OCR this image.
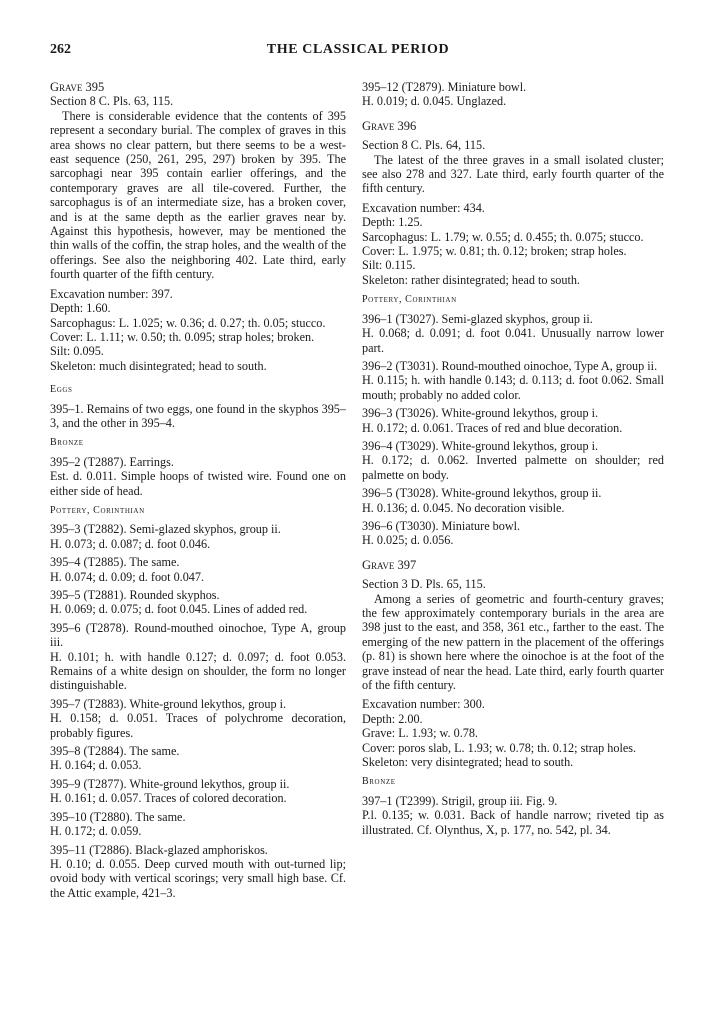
262	THE CLASSICAL PERIOD
Grave 395

Section 8 C. Pls. 63, 115.

There is considerable evidence that the contents of 395 represent a secondary burial. The complex of graves in this area shows no clear pattern, but there seems to be a west-east sequence (250, 261, 295, 297) broken by 395. The sarcophagi near 395 contain earlier offerings, and the contemporary graves are all tile-covered. Further, the sarcophagus is of an intermediate size, has a broken cover, and is at the same depth as the earlier graves near by. Against this hypothesis, however, may be mentioned the thin walls of the coffin, the strap holes, and the wealth of the offerings. See also the neighboring 402. Late third, early fourth quarter of the fifth century.

Excavation number: 397.

Depth: 1.60.

Sarcophagus: L. 1.025; w. 0.36; d. 0.27; th. 0.05; stucco.

Cover: L. 1.11; w. 0.50; th. 0.095; strap holes; broken.

Silt: 0.095.

Skeleton: much disintegrated; head to south.

Eggs

395–1. Remains of two eggs, one found in the skyphos 395–3, and the other in 395–4.

Bronze

395–2 (T2887). Earrings.

Est. d. 0.011. Simple hoops of twisted wire. Found one on either side of head.

Pottery, Corinthian

395–3 (T2882). Semi-glazed skyphos, group ii.

H. 0.073; d. 0.087; d. foot 0.046.

395–4 (T2885). The same.

H. 0.074; d. 0.09; d. foot 0.047.

395–5 (T2881). Rounded skyphos.

H. 0.069; d. 0.075; d. foot 0.045. Lines of added red.

395–6 (T2878). Round-mouthed oinochoe, Type A, group iii.

H. 0.101; h. with handle 0.127; d. 0.097; d. foot 0.053. Remains of a white design on shoulder, the form no longer distinguishable.

395–7 (T2883). White-ground lekythos, group i.

H. 0.158; d. 0.051. Traces of polychrome decoration, probably figures.

395–8 (T2884). The same.

H. 0.164; d. 0.053.

395–9 (T2877). White-ground lekythos, group ii.

H. 0.161; d. 0.057. Traces of colored decoration.

395–10 (T2880). The same.

H. 0.172; d. 0.059.

395–11 (T2886). Black-glazed amphoriskos.

H. 0.10; d. 0.055. Deep curved mouth with out-turned lip; ovoid body with vertical scorings; very small high base. Cf. the Attic example, 421–3.

395–12 (T2879). Miniature bowl.

H. 0.019; d. 0.045. Unglazed.

Grave 396

Section 8 C. Pls. 64, 115.

The latest of the three graves in a small isolated cluster; see also 278 and 327. Late third, early fourth quarter of the fifth century.

Excavation number: 434.

Depth: 1.25.

Sarcophagus: L. 1.79; w. 0.55; d. 0.455; th. 0.075; stucco.

Cover: L. 1.975; w. 0.81; th. 0.12; broken; strap holes.

Silt: 0.115.

Skeleton: rather disintegrated; head to south.

Pottery, Corinthian

396–1 (T3027). Semi-glazed skyphos, group ii.

H. 0.068; d. 0.091; d. foot 0.041. Unusually narrow lower part.

396–2 (T3031). Round-mouthed oinochoe, Type A, group ii.

H. 0.115; h. with handle 0.143; d. 0.113; d. foot 0.062. Small mouth; probably no added color.

396–3 (T3026). White-ground lekythos, group i.

H. 0.172; d. 0.061. Traces of red and blue decoration.

396–4 (T3029). White-ground lekythos, group i.

H. 0.172; d. 0.062. Inverted palmette on shoulder; red palmette on body.

396–5 (T3028). White-ground lekythos, group ii.

H. 0.136; d. 0.045. No decoration visible.

396–6 (T3030). Miniature bowl.

H. 0.025; d. 0.056.

Grave 397

Section 3 D. Pls. 65, 115.

Among a series of geometric and fourth-century graves; the few approximately contemporary burials in the area are 398 just to the east, and 358, 361 etc., farther to the east. The emerging of the new pattern in the placement of the offerings (p. 81) is shown here where the oinochoe is at the foot of the grave instead of near the head. Late third, early fourth quarter of the fifth century.

Excavation number: 300.

Depth: 2.00.

Grave: L. 1.93; w. 0.78.

Cover: poros slab, L. 1.93; w. 0.78; th. 0.12; strap holes.

Skeleton: very disintegrated; head to south.

Bronze

397–1 (T2399). Strigil, group iii. Fig. 9.

P.l. 0.135; w. 0.031. Back of handle narrow; riveted tip as illustrated. Cf. Olynthus, X, p. 177, no. 542, pl. 34.
